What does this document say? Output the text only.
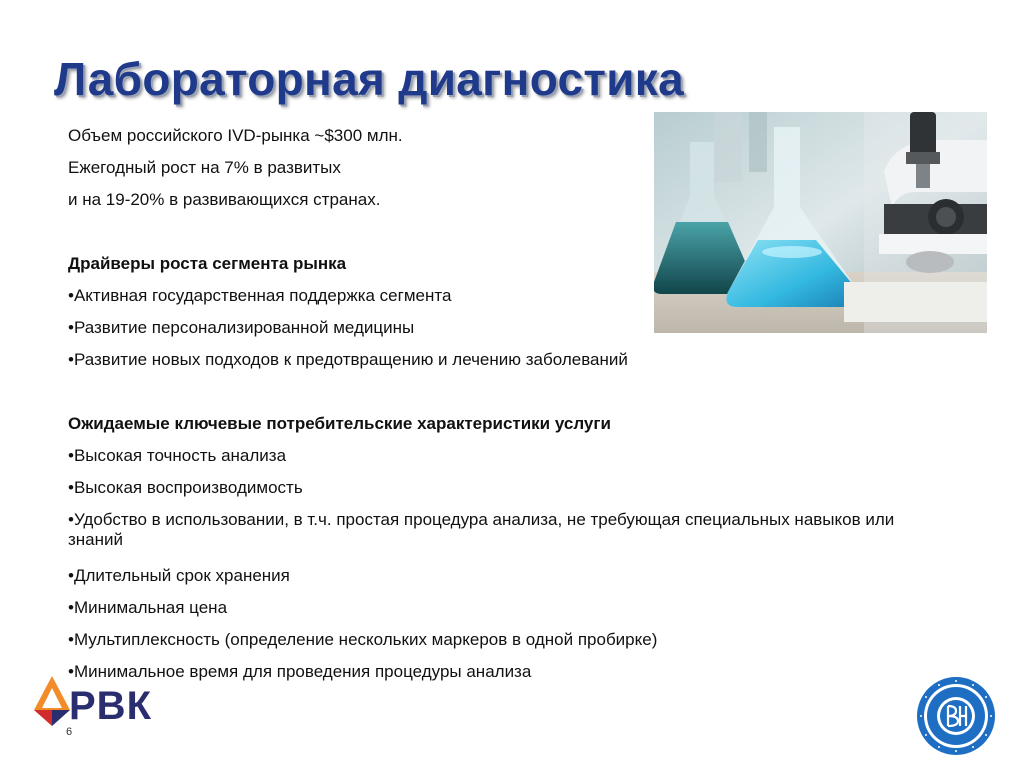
Лабораторная диагностика
Объем российского IVD-рынка ~$300 млн.
Ежегодный рост на 7% в развитых
и на 19-20% в развивающихся странах.
Драйверы роста сегмента рынка
•Активная государственная поддержка сегмента
•Развитие персонализированной медицины
•Развитие новых подходов к предотвращению и лечению заболеваний
Ожидаемые ключевые потребительские характеристики услуги
•Высокая точность анализа
•Высокая воспроизводимость
•Удобство в использовании, в т.ч. простая процедура анализа, не требующая специальных навыков или знаний
•Длительный срок хранения
•Минимальная цена
•Мультиплексность (определение нескольких маркеров в одной пробирке)
•Минимальное время для проведения процедуры анализа
РВК
6
